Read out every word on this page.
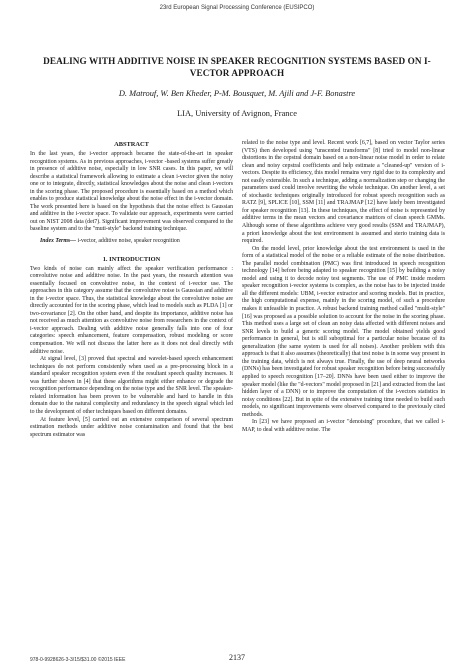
23rd European Signal Processing Conference (EUSIPCO)
DEALING WITH ADDITIVE NOISE IN SPEAKER RECOGNITION SYSTEMS BASED ON I-VECTOR APPROACH
D. Matrouf, W. Ben Kheder, P-M. Bousquet, M. Ajili and J-F. Bonastre
LIA, University of Avignon, France
ABSTRACT

In the last years, the i-vector approach became the state-of-the-art in speaker recognition systems. As in previous approaches, i-vector -based systems suffer greatly in presence of additive noise, especially in low SNR cases. In this paper, we will describe a statistical framework allowing to estimate a clean i-vector given the noisy one or to integrate, directly, statistical knowledges about the noise and clean i-vectors in the scoring phase. The proposed procedure is essentially based on a method which enables to produce statistical knowledge about the noise effect in the i-vector domain. The work presented here is based on the hypothesis that the noise effect is Gaussian and additive in the i-vector space. To validate our approach, experiments were carried out on NIST 2008 data (det7). Significant improvement was observed compared to the baseline system and to the "muti-style" backend training technique.

Index Terms— i-vector, additive noise, speaker recognition

1. INTRODUCTION

Two kinds of noise can mainly affect the speaker verification performance : convolutive noise and additive noise. In the past years, the research attention was essentially focused on convolutive noise, in the context of i-vector use. The approaches in this category assume that the convolutive noise is Gaussian and additive in the i-vector space. Thus, the statistical knowledge about the convolutive noise are directly accounted for in the scoring phase, which lead to models such as PLDA [1] or two-covariance [2]. On the other hand, and despite its importance, additive noise has not received as much attention as convolutive noise from researchers in the context of i-vector approach. Dealing with additive noise generally falls into one of four categories: speech enhancement, feature compensation, robust modeling or score compensation. We will not discuss the latter here as it does not deal directly with additive noise.

At signal level, [3] proved that spectral and wavelet-based speech enhancement techniques do not perform consistently when used as a pre-processing block in a standard speaker recognition system even if the resultant speech quality increases. It was further shown in [4] that these algorithms might either enhance or degrade the recognition performance depending on the noise type and the SNR level. The speaker-related information has been proven to be vulnerable and hard to handle in this domain due to the natural complexity and redundancy in the speech signal which led to the development of other techniques based on different domains.

At feature level, [5] carried out an extensive comparison of several spectrum estimation methods under additive noise contamination and found that the best spectrum estimator was

related to the noise type and level. Recent work [6,7], based on vector Taylor series (VTS) then developed using "unscented transforms" [8] tried to model non-linear distortions in the cepstral domain based on a non-linear noise model in order to relate clean and noisy cepstral coefficients and help estimate a "cleaned-up" version of i-vectors. Despite its efficiency, this model remains very rigid due to its complexity and not easily extensible. In such a technique, adding a normalization step or changing the parameters used could involve rewriting the whole technique. On another level, a set of stochastic techniques originally introduced for robust speech recognition such as RATZ [9], SPLICE [10], SSM [11] and TRAJMAP [12] have lately been investigated for speaker recognition [13]. In these techniques, the effect of noise is represented by additive terms in the mean vectors and covariance matrices of clean speech GMMs. Although some of these algorithms achieve very good results (SSM and TRAJMAP), a priori knowledge about the test environment is assumed and sterio training data is required.

On the model level, prior knowledge about the test environment is used in the form of a statistical model of the noise or a reliable estimate of the noise distribution. The parallel model combination (PMC) was first introduced in speech recognition technology [14] before being adapted to speaker recognition [15] by building a noisy model and using it to decode noisy test segments. The use of PMC inside modern speaker recognition i-vector systems is complex, as the noise has to be injected inside all the different models: UBM, i-vector extractor and scoring models. But in practice, the high computational expense, mainly in the scoring model, of such a procedure makes it unfeasible in practice. A robust backend training method called "multi-style" [16] was proposed as a possible solution to account for the noise in the scoring phase. This method uses a large set of clean an noisy data affected with different noises and SNR levels to build a generic scoring model. The model obtained yields good performance in general, but is still suboptimal for a particular noise because of its generalization (the same system is used for all noises). Another problem with this approach is that it also assumes (theoretically) that test noise is in some way present in the training data, which is not always true. Finally, the use of deep neural networks (DNNs) has been investigated for robust speaker recognition before being successfully applied to speech recognition [17–20]. DNNs have been used either to improve the speaker model (like the "d-vectors" model proposed in [21] and extracted from the last hidden layer of a DNN) or to improve the computation of the i-vectors statistics in noisy conditions [22]. But in spite of the extensive training time needed to build such models, no significant improvements were observed compared to the previously cited methods.

In [23] we have proposed an i-vector "denoising" procedure, that we called i-MAP, to deal with additive noise. The

978-0-9928626-3-3/15/$31.00 ©2015 IEEE	2137
